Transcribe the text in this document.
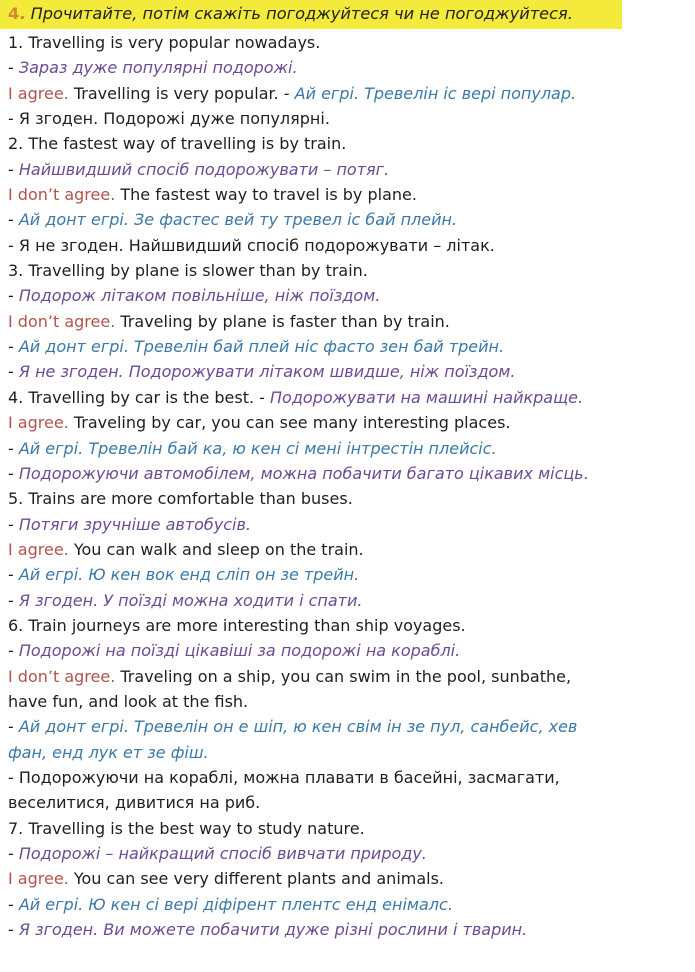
4. Прочитайте, потім скажіть погоджуйтеся чи не погоджуйтеся.
1. Travelling is very popular nowadays.
- Зараз дуже популярні подорожі.
I agree. Travelling is very popular. - Ай егрі. Тревелін іс вері популар.
- Я згоден. Подорожі дуже популярні.
2. The fastest way of travelling is by train.
- Найшвидший спосіб подорожувати – потяг.
I don’t agree. The fastest way to travel is by plane.
- Ай донт егрі. Зе фастес вей ту тревел іс бай плейн.
- Я не згоден. Найшвидший спосіб подорожувати – літак.
3. Travelling by plane is slower than by train.
- Подорож літаком повільніше, ніж поїздом.
I don’t agree. Traveling by plane is faster than by train.
- Ай донт егрі. Тревелін бай плей ніс фасто зен бай трейн.
- Я не згоден. Подорожувати літаком швидше, ніж поїздом.
4. Travelling by car is the best. - Подорожувати на машині найкраще.
I agree. Traveling by car, you can see many interesting places.
- Ай егрі. Тревелін бай ка, ю кен сі мені інтрестін плейсіс.
- Подорожуючи автомобілем, можна побачити багато цікавих місць.
5. Trains are more comfortable than buses.
- Потяги зручніше автобусів.
I agree. You can walk and sleep on the train.
- Ай егрі. Ю кен вок енд сліп он зе трейн.
- Я згоден. У поїзді можна ходити і спати.
6. Train journeys are more interesting than ship voyages.
- Подорожі на поїзді цікавіші за подорожі на кораблі.
I don’t agree. Traveling on a ship, you can swim in the pool, sunbathe,
have fun, and look at the fish.
- Ай донт егрі. Тревелін он е шіп, ю кен свім ін зе пул, санбейс, хев
фан, енд лук ет зе фіш.
- Подорожуючи на кораблі, можна плавати в басейні, засмагати,
веселитися, дивитися на риб.
7. Travelling is the best way to study nature.
- Подорожі – найкращий спосіб вивчати природу.
I agree. You can see very different plants and animals.
- Ай егрі. Ю кен сі вері діфірент плентс енд енімалс.
- Я згоден. Ви можете побачити дуже різні рослини і тварин.
